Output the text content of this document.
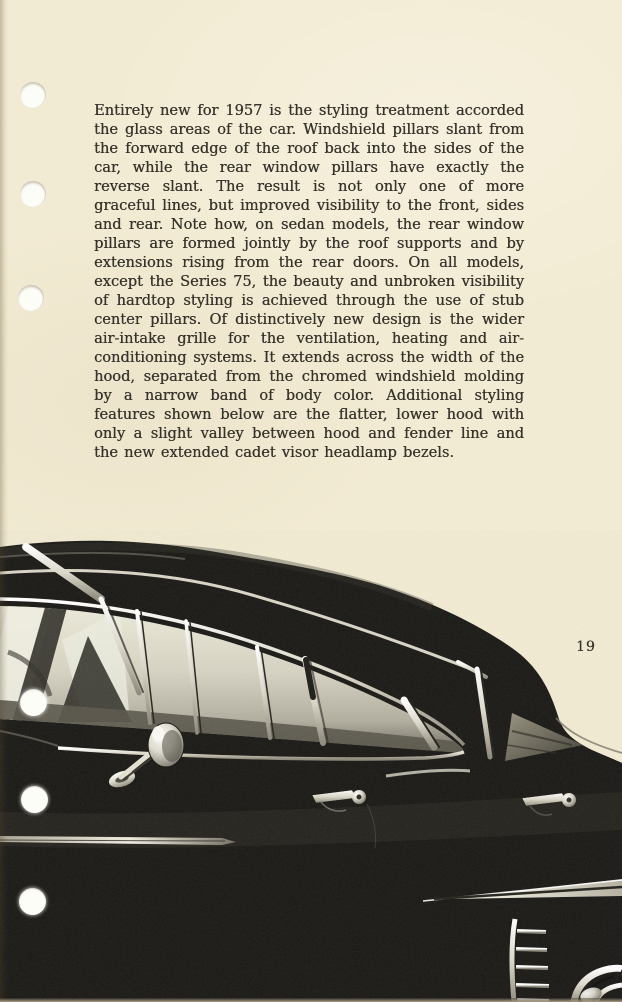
Entirely new for 1957 is the styling treatment accorded the glass areas of the car. Windshield pillars slant from the forward edge of the roof back into the sides of the car, while the rear window pillars have exactly the reverse slant. The result is not only one of more graceful lines, but improved visibility to the front, sides and rear. Note how, on sedan models, the rear window pillars are formed jointly by the roof supports and by extensions rising from the rear doors. On all models, except the Series 75, the beauty and unbroken visibility of hardtop styling is achieved through the use of stub center pillars. Of distinctively new design is the wider air-intake grille for the ventilation, heating and air-conditioning systems. It extends across the width of the hood, separated from the chromed windshield molding by a narrow band of body color. Additional styling features shown below are the flatter, lower hood with only a slight valley between hood and fender line and the new extended cadet visor headlamp bezels.

19
